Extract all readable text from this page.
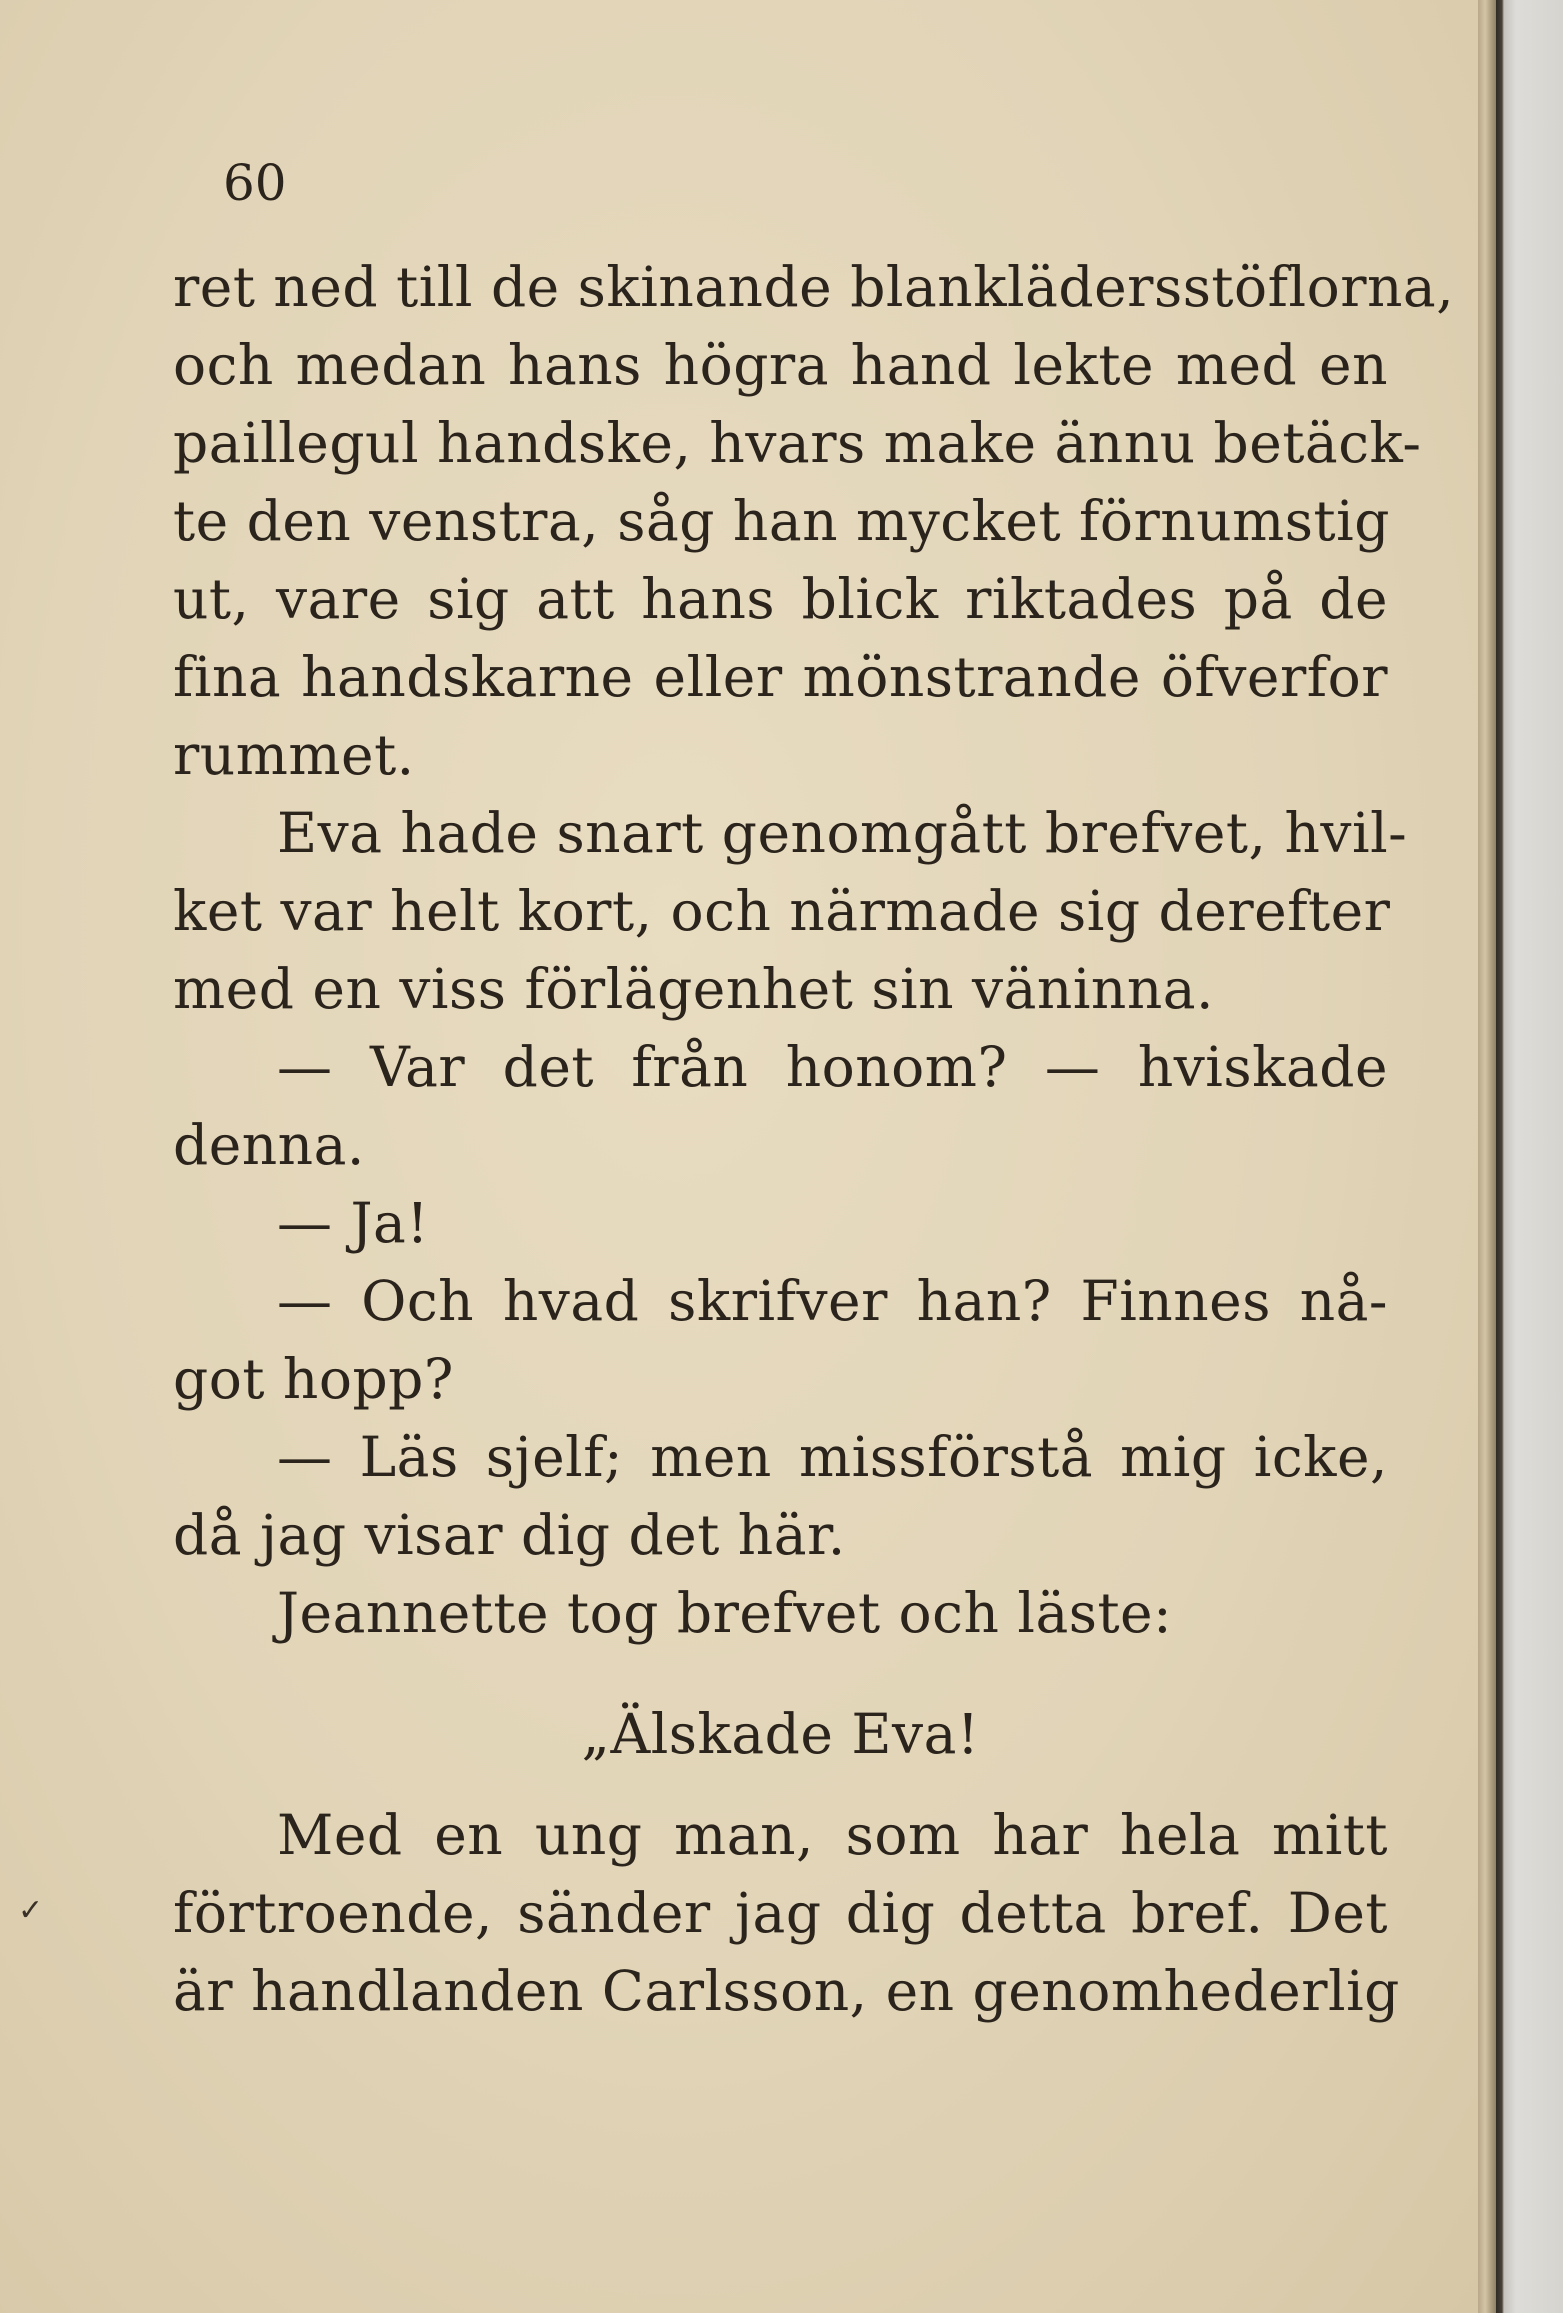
60
✓
ret ned till de skinande blanklädersstöflorna,
och medan hans högra hand lekte med en
paillegul handske, hvars make ännu betäck-
te den venstra, såg han mycket förnumstig
ut, vare sig att hans blick riktades på de
fina handskarne eller mönstrande öfverfor
rummet.
Eva hade snart genomgått brefvet, hvil-
ket var helt kort, och närmade sig derefter
med en viss förlägenhet sin väninna.
— Var det från honom? — hviskade
denna.
— Ja!
— Och hvad skrifver han? Finnes nå-
got hopp?
— Läs sjelf; men missförstå mig icke,
då jag visar dig det här.
Jeannette tog brefvet och läste:
„Älskade Eva!
Med en ung man, som har hela mitt
förtroende, sänder jag dig detta bref. Det
är handlanden Carlsson, en genomhederlig
